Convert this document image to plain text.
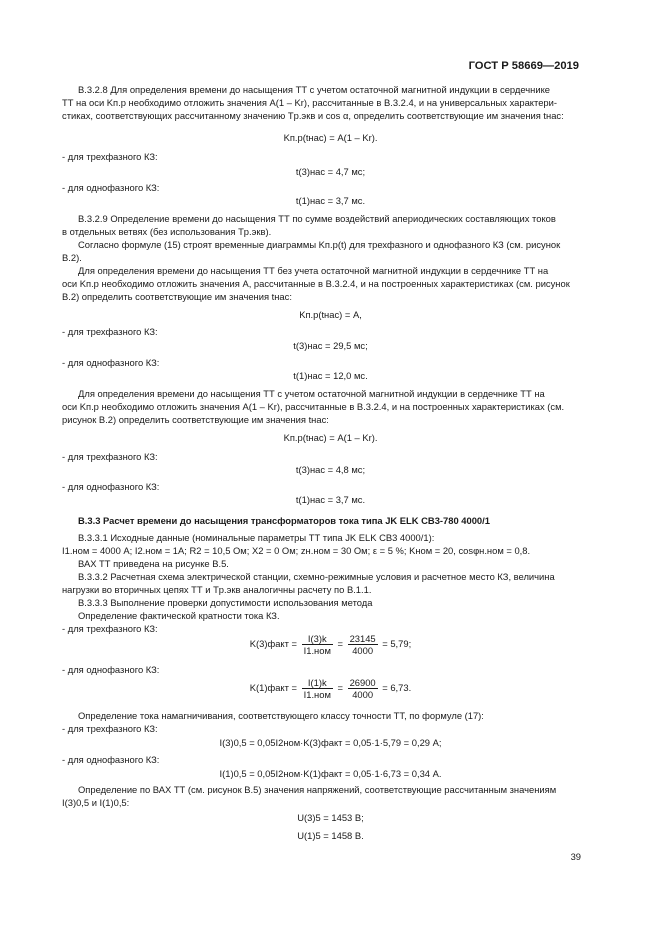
ГОСТ Р 58669—2019

В.3.2.8 Для определения времени до насыщения ТТ с учетом остаточной магнитной индукции в сердечнике

ТТ на оси Kп.р необходимо отложить значения A(1 – Kr), рассчитанные в В.3.2.4, и на универсальных характери-

стиках, соответствующих рассчитанному значению Tр.экв и cos α, определить соответствующие им значения tнас:

Kп.р(tнас) = A(1 – Kr).

- для трехфазного КЗ:

t(3)нас = 4,7 мс;

- для однофазного КЗ:

t(1)нас = 3,7 мс.

В.3.2.9 Определение времени до насыщения ТТ по сумме воздействий апериодических составляющих токов

в отдельных ветвях (без использования Tр.экв).

Согласно формуле (15) строят временные диаграммы Kп.р(t) для трехфазного и однофазного КЗ (см. рисунок

В.2).

Для определения времени до насыщения ТТ без учета остаточной магнитной индукции в сердечнике ТТ на

оси Kп.р необходимо отложить значения A, рассчитанные в В.3.2.4, и на построенных характеристиках (см. рисунок

В.2) определить соответствующие им значения tнас:

Kп.р(tнас) = A,

- для трехфазного КЗ:

t(3)нас = 29,5 мс;

- для однофазного КЗ:

t(1)нас = 12,0 мс.

Для определения времени до насыщения ТТ с учетом остаточной магнитной индукции в сердечнике ТТ на

оси Kп.р необходимо отложить значения A(1 – Kr), рассчитанные в В.3.2.4, и на построенных характеристиках (см.

рисунок В.2) определить соответствующие им значения tнас:

Kп.р(tнас) = A(1 – Kr).

- для трехфазного КЗ:

t(3)нас = 4,8 мс;

- для однофазного КЗ:

t(1)нас = 3,7 мс.

В.3.3 Расчет времени до насыщения трансформаторов тока типа JK ELK CB3-780 4000/1

В.3.3.1 Исходные данные (номинальные параметры ТТ типа JK ELK CB3 4000/1):

I1.ном = 4000 А; I2.ном = 1А; R2 = 10,5 Ом; X2 = 0 Ом; zн.ном = 30 Ом; ε = 5 %; Kном = 20, cosφн.ном = 0,8.

ВАХ ТТ приведена на рисунке В.5.

В.3.3.2 Расчетная схема электрической станции, схемно-режимные условия и расчетное место КЗ, величина

нагрузки во вторичных цепях ТТ и Tр.экв аналогичны расчету по В.1.1.

В.3.3.3 Выполнение проверки допустимости использования метода

Определение фактической кратности тока КЗ.

- для трехфазного КЗ:

K(3)факт = $\frac{I(3)k}{\text{I1.ном}} = \frac{23145}{4000} = 5,79$;

- для однофазного КЗ:

K(1)факт = $\frac{I(1)k}{\text{I1.ном}} = \frac{26900}{4000} = 6,73$.

Определение тока намагничивания, соответствующего классу точности ТТ, по формуле (17):

- для трехфазного КЗ:

I(3)0,5 = 0,05I2ном·K(3)факт = 0,05·1·5,79 = 0,29 А;

- для однофазного КЗ:

I(1)0,5 = 0,05I2ном·K(1)факт = 0,05·1·6,73 = 0,34 А.

Определение по ВАХ ТТ (см. рисунок В.5) значения напряжений, соответствующие рассчитанным значениям

I(3)0,5 и I(1)0,5:

U(3)5 = 1453 В;

U(1)5 = 1458 В.

39
